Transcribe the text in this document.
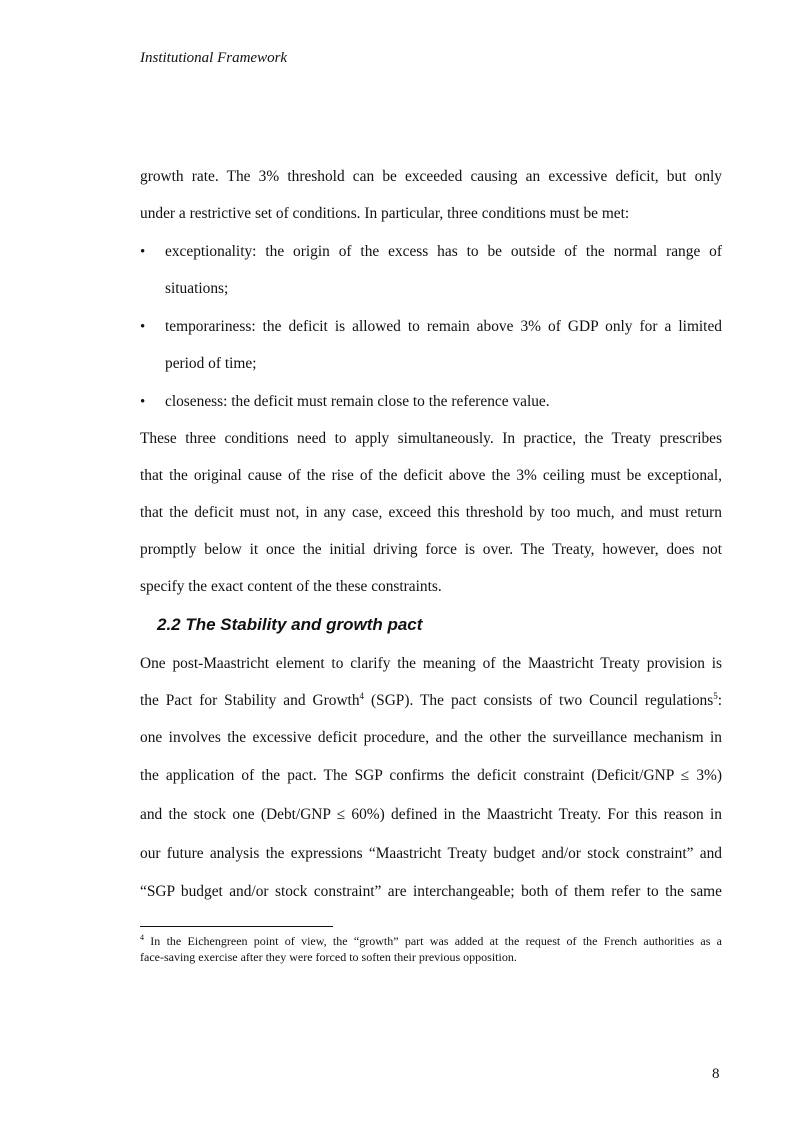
Institutional Framework
growth rate. The 3% threshold can be exceeded causing an excessive deficit, but only
under a restrictive set of conditions. In particular, three conditions must be met:
• exceptionality: the origin of the excess has to be outside of the normal range of
situations;
• temporariness: the deficit is allowed to remain above 3% of GDP only for a limited
period of time;
• closeness: the deficit must remain close to the reference value.
These three conditions need to apply simultaneously. In practice, the Treaty prescribes
that the original cause of the rise of the deficit above the 3% ceiling must be exceptional,
that the deficit must not, in any case, exceed this threshold by too much, and must return
promptly below it once the initial driving force is over. The Treaty, however, does not
specify the exact content of the these constraints.
2.2 The Stability and growth pact
One post-Maastricht element to clarify the meaning of the Maastricht Treaty provision is
the Pact for Stability and Growth$^4$ (SGP). The pact consists of two Council regulations$^5$:
one involves the excessive deficit procedure, and the other the surveillance mechanism in
the application of the pact. The SGP confirms the deficit constraint (Deficit/GNP ≤ 3%)
and the stock one (Debt/GNP ≤ 60%) defined in the Maastricht Treaty. For this reason in
our future analysis the expressions “Maastricht Treaty budget and/or stock constraint” and
“SGP budget and/or stock constraint” are interchangeable; both of them refer to the same
$^4$ In the Eichengreen point of view, the “growth” part was added at the request of the French authorities as a
face-saving exercise after they were forced to soften their previous opposition.
8
